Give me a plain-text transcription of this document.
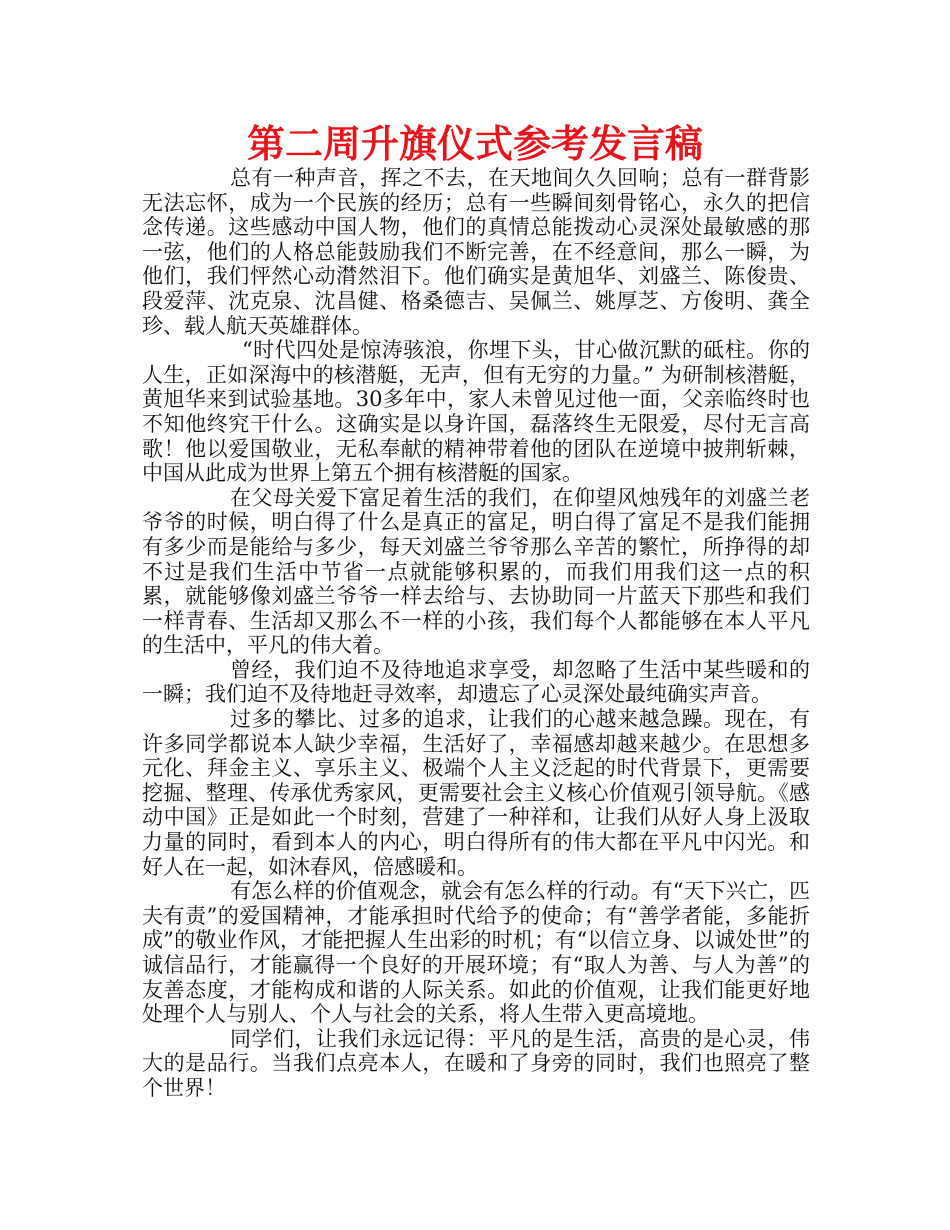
第二周升旗仪式参考发言稿

总有一种声音，挥之不去，在天地间久久回响；总有一群背影无法忘怀，成为一个民族的经历；总有一些瞬间刻骨铭心，永久的把信念传递。这些感动中国人物，他们的真情总能拨动心灵深处最敏感的那一弦，他们的人格总能鼓励我们不断完善，在不经意间，那么一瞬，为他们，我们怦然心动潸然泪下。他们确实是黄旭华、刘盛兰、陈俊贵、段爱萍、沈克泉、沈昌健、格桑德吉、吴佩兰、姚厚芝、方俊明、龚全珍、载人航天英雄群体。

“时代四处是惊涛骇浪，你埋下头，甘心做沉默的砥柱。你的人生，正如深海中的核潜艇，无声，但有无穷的力量。” 为研制核潜艇，黄旭华来到试验基地。30多年中，家人未曾见过他一面，父亲临终时也不知他终究干什么。这确实是以身许国，磊落终生无限爱，尽付无言高歌！他以爱国敬业，无私奉献的精神带着他的团队在逆境中披荆斩棘，中国从此成为世界上第五个拥有核潜艇的国家。

在父母关爱下富足着生活的我们，在仰望风烛残年的刘盛兰老爷爷的时候，明白得了什么是真正的富足，明白得了富足不是我们能拥有多少而是能给与多少，每天刘盛兰爷爷那么辛苦的繁忙，所挣得的却不过是我们生活中节省一点就能够积累的，而我们用我们这一点的积累，就能够像刘盛兰爷爷一样去给与、去协助同一片蓝天下那些和我们一样青春、生活却又那么不一样的小孩，我们每个人都能够在本人平凡的生活中，平凡的伟大着。

曾经，我们迫不及待地追求享受，却忽略了生活中某些暖和的一瞬；我们迫不及待地赶寻效率，却遗忘了心灵深处最纯确实声音。

过多的攀比、过多的追求，让我们的心越来越急躁。现在，有许多同学都说本人缺少幸福，生活好了，幸福感却越来越少。在思想多元化、拜金主义、享乐主义、极端个人主义泛起的时代背景下，更需要挖掘、整理、传承优秀家风，更需要社会主义核心价值观引领导航。《感动中国》正是如此一个时刻，营建了一种祥和，让我们从好人身上汲取力量的同时，看到本人的内心，明白得所有的伟大都在平凡中闪光。和好人在一起，如沐春风，倍感暖和。

有怎么样的价值观念，就会有怎么样的行动。有“天下兴亡，匹夫有责”的爱国精神，才能承担时代给予的使命；有“善学者能，多能折成”的敬业作风，才能把握人生出彩的时机；有“以信立身、以诚处世”的诚信品行，才能赢得一个良好的开展环境；有“取人为善、与人为善”的友善态度，才能构成和谐的人际关系。如此的价值观，让我们能更好地处理个人与别人、个人与社会的关系，将人生带入更高境地。

同学们，让我们永远记得：平凡的是生活，高贵的是心灵，伟大的是品行。当我们点亮本人，在暖和了身旁的同时，我们也照亮了整个世界！
